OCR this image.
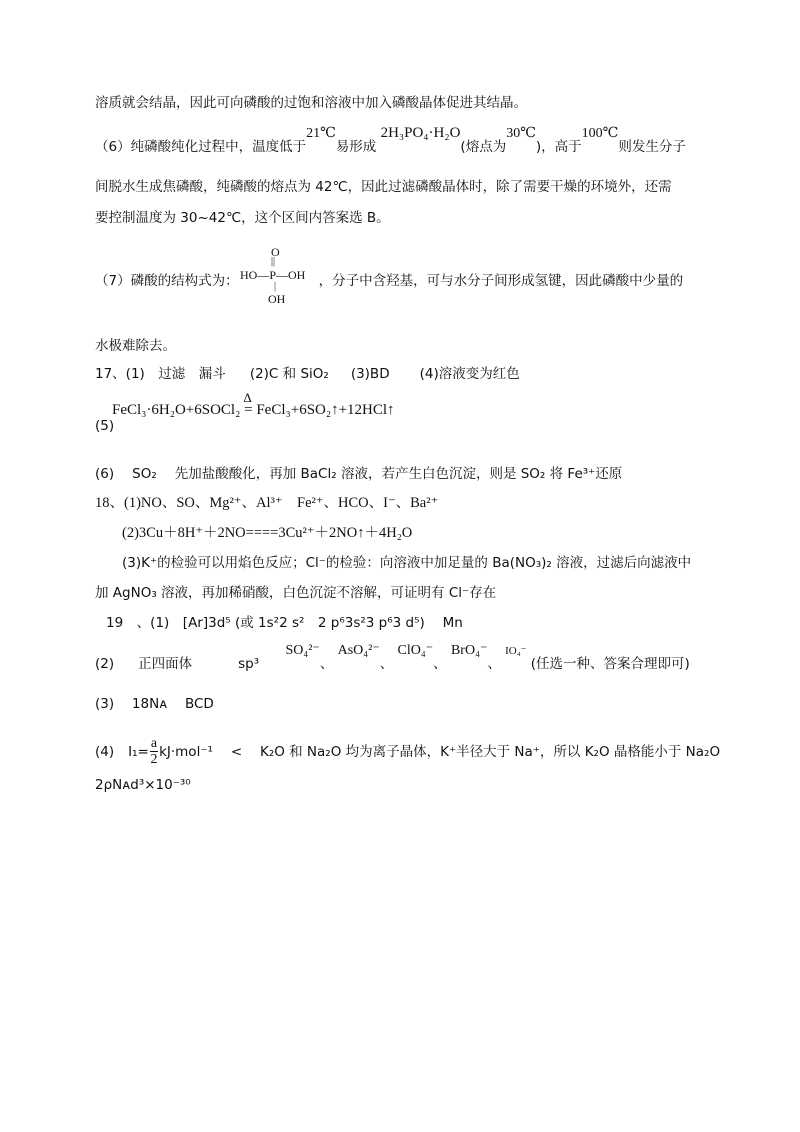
溶质就会结晶，因此可向磷酸的过饱和溶液中加入磷酸晶体促进其结晶。
（6）纯磷酸纯化过程中，温度低于21℃易形成 2H₃PO₄·H₂O(熔点为30℃)，高于100℃则发生分子
间脱水生成焦磷酸，纯磷酸的熔点为 42℃，因此过滤磷酸晶体时，除了需要干燥的环境外，还需
要控制温度为 30~42℃，这个区间内答案选 B。
（7）磷酸的结构式为：	，分子中含羟基，可与水分子间形成氢键，因此磷酸中少量的
O
||
HO—P—OH
|
OH
水极难除去。
17、(1)　过滤　漏斗 (2)C 和 SiO₂ (3)BD (4)溶液变为红色
FeCl₃·6H₂O+6SOCl₂
Δ
= FeCl₃+6SO₂↑+12HCl↑
(5)
(6) SO₂ 先加盐酸酸化，再加 BaCl₂ 溶液，若产生白色沉淀，则是 SO₂ 将 Fe³⁺还原
18、(1)NO、SO、Mg²⁺、Al³⁺　Fe²⁺、HCO、I⁻、Ba²⁺
(2)3Cu＋8H⁺＋2NO====3Cu²⁺＋2NO↑＋4H₂O
(3)K⁺的检验可以用焰色反应；Cl⁻的检验：向溶液中加足量的 Ba(NO₃)₂ 溶液，过滤后向滤液中
加 AgNO₃ 溶液，再加稀硝酸，白色沉淀不溶解，可证明有 Cl⁻存在
19　、(1)　[Ar]3d⁵ (或 1s²2 s²　2 p⁶3s²3 p⁶3 d⁵)　 Mn
(2) 正四面体	sp³ SO₄²⁻、 AsO₄²⁻、 ClO₄⁻、 BrO₄⁻、 IO₄⁻ (任选一种、答案合理即可)
(3)　 18Nᴀ　 BCD
(4) $I_1= \frac{a}{2} kJ\cdot mol^{-1}$ <　 K₂O 和 Na₂O 均为离子晶体，K⁺半径大于 Na⁺，所以 K₂O 晶格能小于 Na₂O
2ρNᴀd³×10⁻³⁰
